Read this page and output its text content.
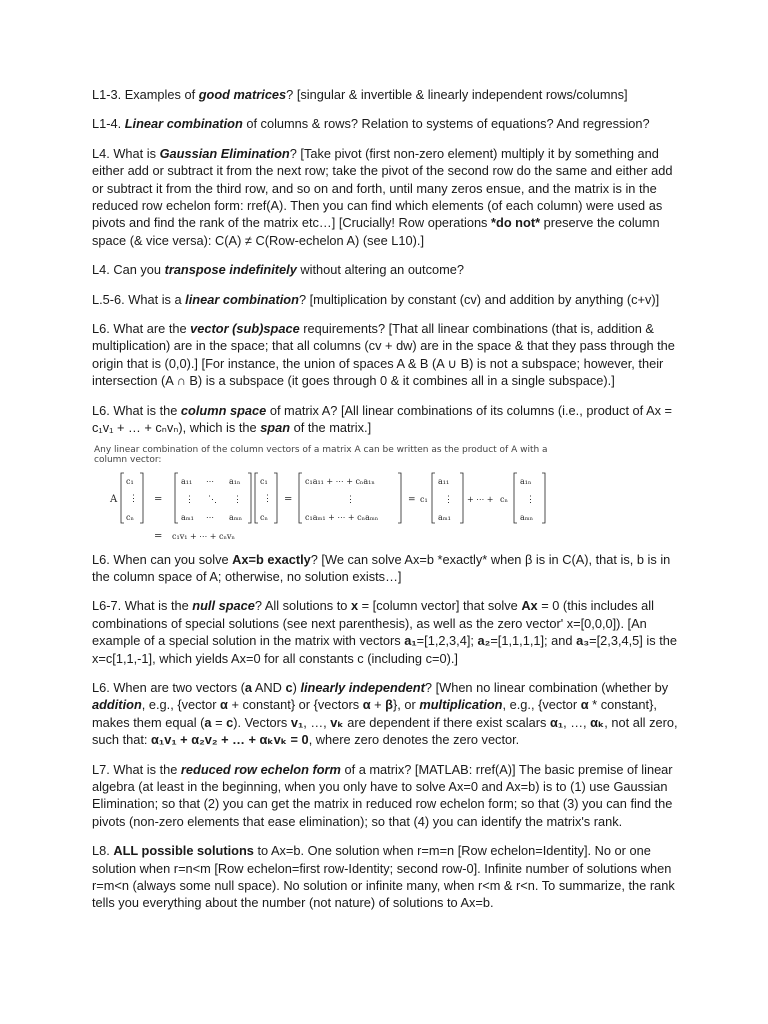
L1-3. Examples of good matrices? [singular & invertible & linearly independent rows/columns]

L1-4. Linear combination of columns & rows? Relation to systems of equations? And regression?

L4. What is Gaussian Elimination? [Take pivot (first non-zero element) multiply it by something and either add or subtract it from the next row; take the pivot of the second row do the same and either add or subtract it from the third row, and so on and forth, until many zeros ensue, and the matrix is in the reduced row echelon form: rref(A). Then you can find which elements (of each column) were used as pivots and find the rank of the matrix etc…] [Crucially! Row operations *do not* preserve the column space (& vice versa): C(A) ≠ C(Row-echelon A) (see L10).]

L4. Can you transpose indefinitely without altering an outcome?

L.5-6. What is a linear combination? [multiplication by constant (cv) and addition by anything (c+v)]

L6. What are the vector (sub)space requirements? [That all linear combinations (that is, addition & multiplication) are in the space; that all columns (cv + dw) are in the space & that they pass through the origin that is (0,0).] [For instance, the union of spaces A & B (A ∪ B) is not a subspace; however, their intersection (A ∩ B) is a subspace (it goes through 0 & it combines all in a single subspace).]

L6. What is the column space of matrix A? [All linear combinations of its columns (i.e., product of Ax = c₁v₁ + … + cₙvₙ), which is the span of the matrix.]

Any linear combination of the column vectors of a matrix A can be written as the product of A with a column vector:
A
c₁
⋮
cₙ
=
a₁₁ ⋯ a₁ₙ
⋮ ⋱ ⋮
aₘ₁ ⋯ aₘₙ
c₁
⋮
cₙ
=
c₁a₁₁ + ⋯ + cₙa₁ₙ
⋮
c₁aₘ₁ + ⋯ + cₙaₘₙ
= c₁
a₁₁
⋮
aₘ₁
+ ⋯ + cₙ
a₁ₙ
⋮
aₘₙ
= c₁v₁ + ⋯ + cₙvₙ

L6. When can you solve Ax=b exactly? [We can solve Ax=b *exactly* when β is in C(A), that is, b is in the column space of A; otherwise, no solution exists…]

L6-7. What is the null space? All solutions to x = [column vector] that solve Ax = 0 (this includes all combinations of special solutions (see next parenthesis), as well as the zero vector' x=[0,0,0]). [An example of a special solution in the matrix with vectors a₁=[1,2,3,4]; a₂=[1,1,1,1]; and a₃=[2,3,4,5] is the x=c[1,1,-1], which yields Ax=0 for all constants c (including c=0).]

L6. When are two vectors (a AND c) linearly independent? [When no linear combination (whether by addition, e.g., {vector α + constant} or {vectors α + β}, or multiplication, e.g., {vector α * constant}, makes them equal (a = c). Vectors v₁, …, vₖ are dependent if there exist scalars α₁, …, αₖ, not all zero, such that: α₁v₁ + α₂v₂ + … + αₖvₖ = 0, where zero denotes the zero vector.

L7. What is the reduced row echelon form of a matrix? [MATLAB: rref(A)] The basic premise of linear algebra (at least in the beginning, when you only have to solve Ax=0 and Ax=b) is to (1) use Gaussian Elimination; so that (2) you can get the matrix in reduced row echelon form; so that (3) you can find the pivots (non-zero elements that ease elimination); so that (4) you can identify the matrix's rank.

L8. ALL possible solutions to Ax=b. One solution when r=m=n [Row echelon=Identity]. No or one solution when r=n<m [Row echelon=first row-Identity; second row-0]. Infinite number of solutions when r=m<n (always some null space). No solution or infinite many, when r<m & r<n. To summarize, the rank tells you everything about the number (not nature) of solutions to Ax=b.
